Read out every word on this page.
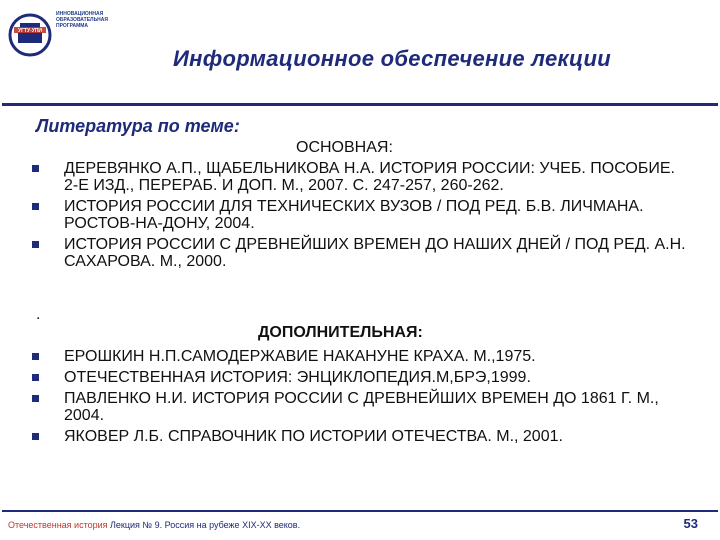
УГТУ-УПИ
ИННОВАЦИОННАЯ ОБРАЗОВАТЕЛЬНАЯ ПРОГРАММА
Информационное обеспечение лекции
Литература по теме:
ОСНОВНАЯ:
ДЕРЕВЯНКО А.П., ЩАБЕЛЬНИКОВА Н.А. ИСТОРИЯ РОССИИ: УЧЕБ. ПОСОБИЕ. 2-Е ИЗД., ПЕРЕРАБ. И ДОП. М., 2007. С. 247-257, 260-262.
ИСТОРИЯ РОССИИ ДЛЯ ТЕХНИЧЕСКИХ ВУЗОВ / ПОД РЕД. Б.В. ЛИЧМАНА. РОСТОВ-НА-ДОНУ, 2004.
ИСТОРИЯ РОССИИ С ДРЕВНЕЙШИХ ВРЕМЕН ДО НАШИХ ДНЕЙ / ПОД РЕД. А.Н. САХАРОВА. М., 2000.
.
ДОПОЛНИТЕЛЬНАЯ:
ЕРОШКИН Н.П.САМОДЕРЖАВИЕ НАКАНУНЕ КРАХА. М.,1975.
ОТЕЧЕСТВЕННАЯ ИСТОРИЯ: ЭНЦИКЛОПЕДИЯ.М,БРЭ,1999.
ПАВЛЕНКО Н.И. ИСТОРИЯ РОССИИ С ДРЕВНЕЙШИХ ВРЕМЕН ДО 1861 Г. М., 2004.
ЯКОВЕР Л.Б. СПРАВОЧНИК ПО ИСТОРИИ ОТЕЧЕСТВА. М., 2001.
Отечественная история Лекция № 9. Россия на рубеже XIX-XX веков.	53
